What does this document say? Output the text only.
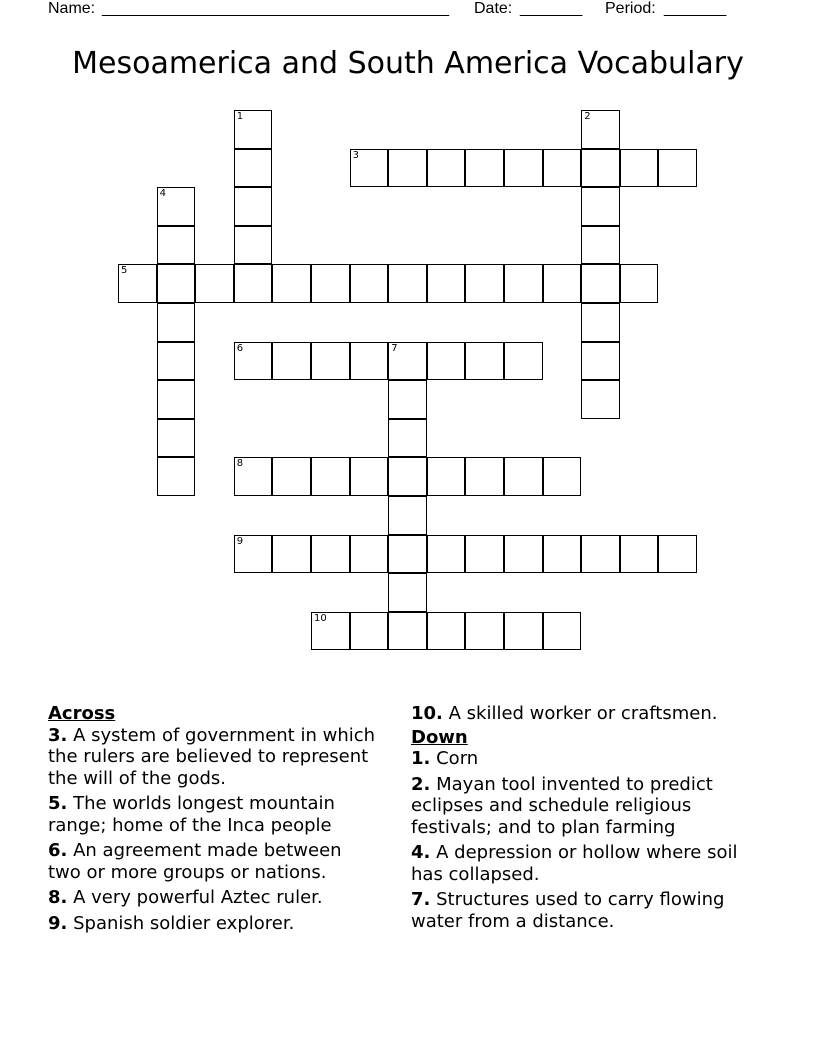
Name: _______________________________________ Date: _______ Period: _______
Mesoamerica and South America Vocabulary
1	2
3
4
5
6	7
8
9
10
Across
3. A system of government in which the rulers are believed to represent the will of the gods.
5. The worlds longest mountain range; home of the Inca people
6. An agreement made between two or more groups or nations.
8. A very powerful Aztec ruler.
9. Spanish soldier explorer.
10. A skilled worker or craftsmen.
Down
1. Corn
2. Mayan tool invented to predict eclipses and schedule religious festivals; and to plan farming
4. A depression or hollow where soil has collapsed.
7. Structures used to carry flowing water from a distance.
